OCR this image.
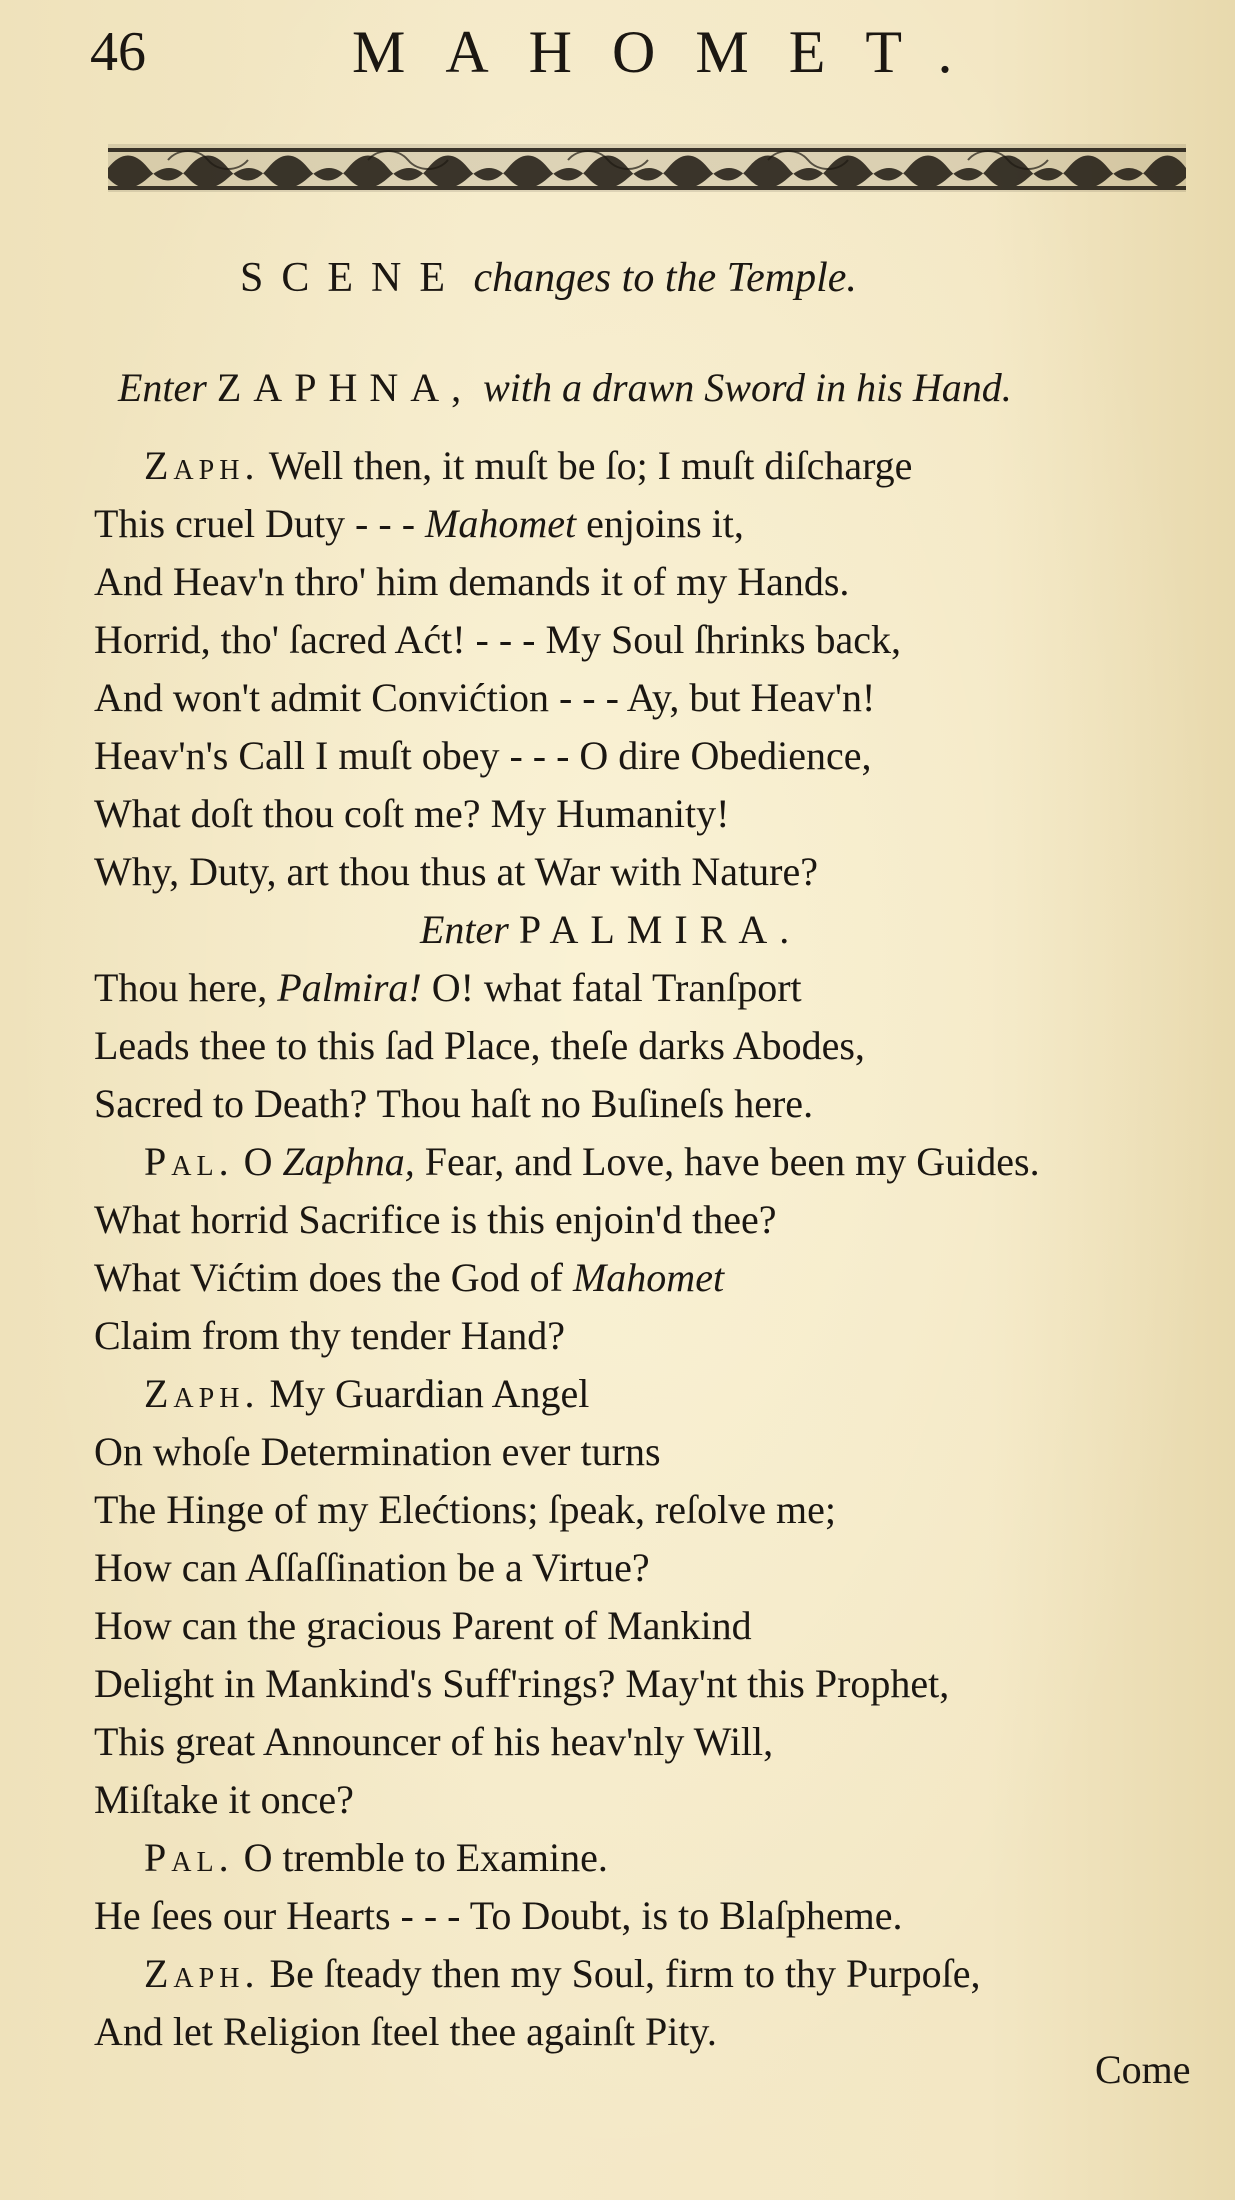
46	MAHOMET.
SCENE changes to the Temple.
Enter ZAPHNA, with a drawn Sword in his Hand.
Zaph. Well then, it muſt be ſo; I muſt diſcharge
This cruel Duty - - - Mahomet enjoins it,
And Heav'n thro' him demands it of my Hands.
Horrid, tho' ſacred Aćt! - - - My Soul ſhrinks back,
And won't admit Convićtion - - - Ay, but Heav'n!
Heav'n's Call I muſt obey - - - O dire Obedience,
What doſt thou coſt me? My Humanity!
Why, Duty, art thou thus at War with Nature?
Enter PALMIRA.
Thou here, Palmira! O! what fatal Tranſport
Leads thee to this ſad Place, theſe darks Abodes,
Sacred to Death? Thou haſt no Buſineſs here.
Pal. O Zaphna, Fear, and Love, have been my Guides.
What horrid Sacrifice is this enjoin'd thee?
What Vićtim does the God of Mahomet
Claim from thy tender Hand?
Zaph. My Guardian Angel
On whoſe Determination ever turns
The Hinge of my Elećtions; ſpeak, reſolve me;
How can Aſſaſſination be a Virtue?
How can the gracious Parent of Mankind
Delight in Mankind's Suff'rings? May'nt this Prophet,
This great Announcer of his heav'nly Will,
Miſtake it once?
Pal. O tremble to Examine.
He ſees our Hearts - - - To Doubt, is to Blaſpheme.
Zaph. Be ſteady then my Soul, firm to thy Purpoſe,
And let Religion ſteel thee againſt Pity.
Come
